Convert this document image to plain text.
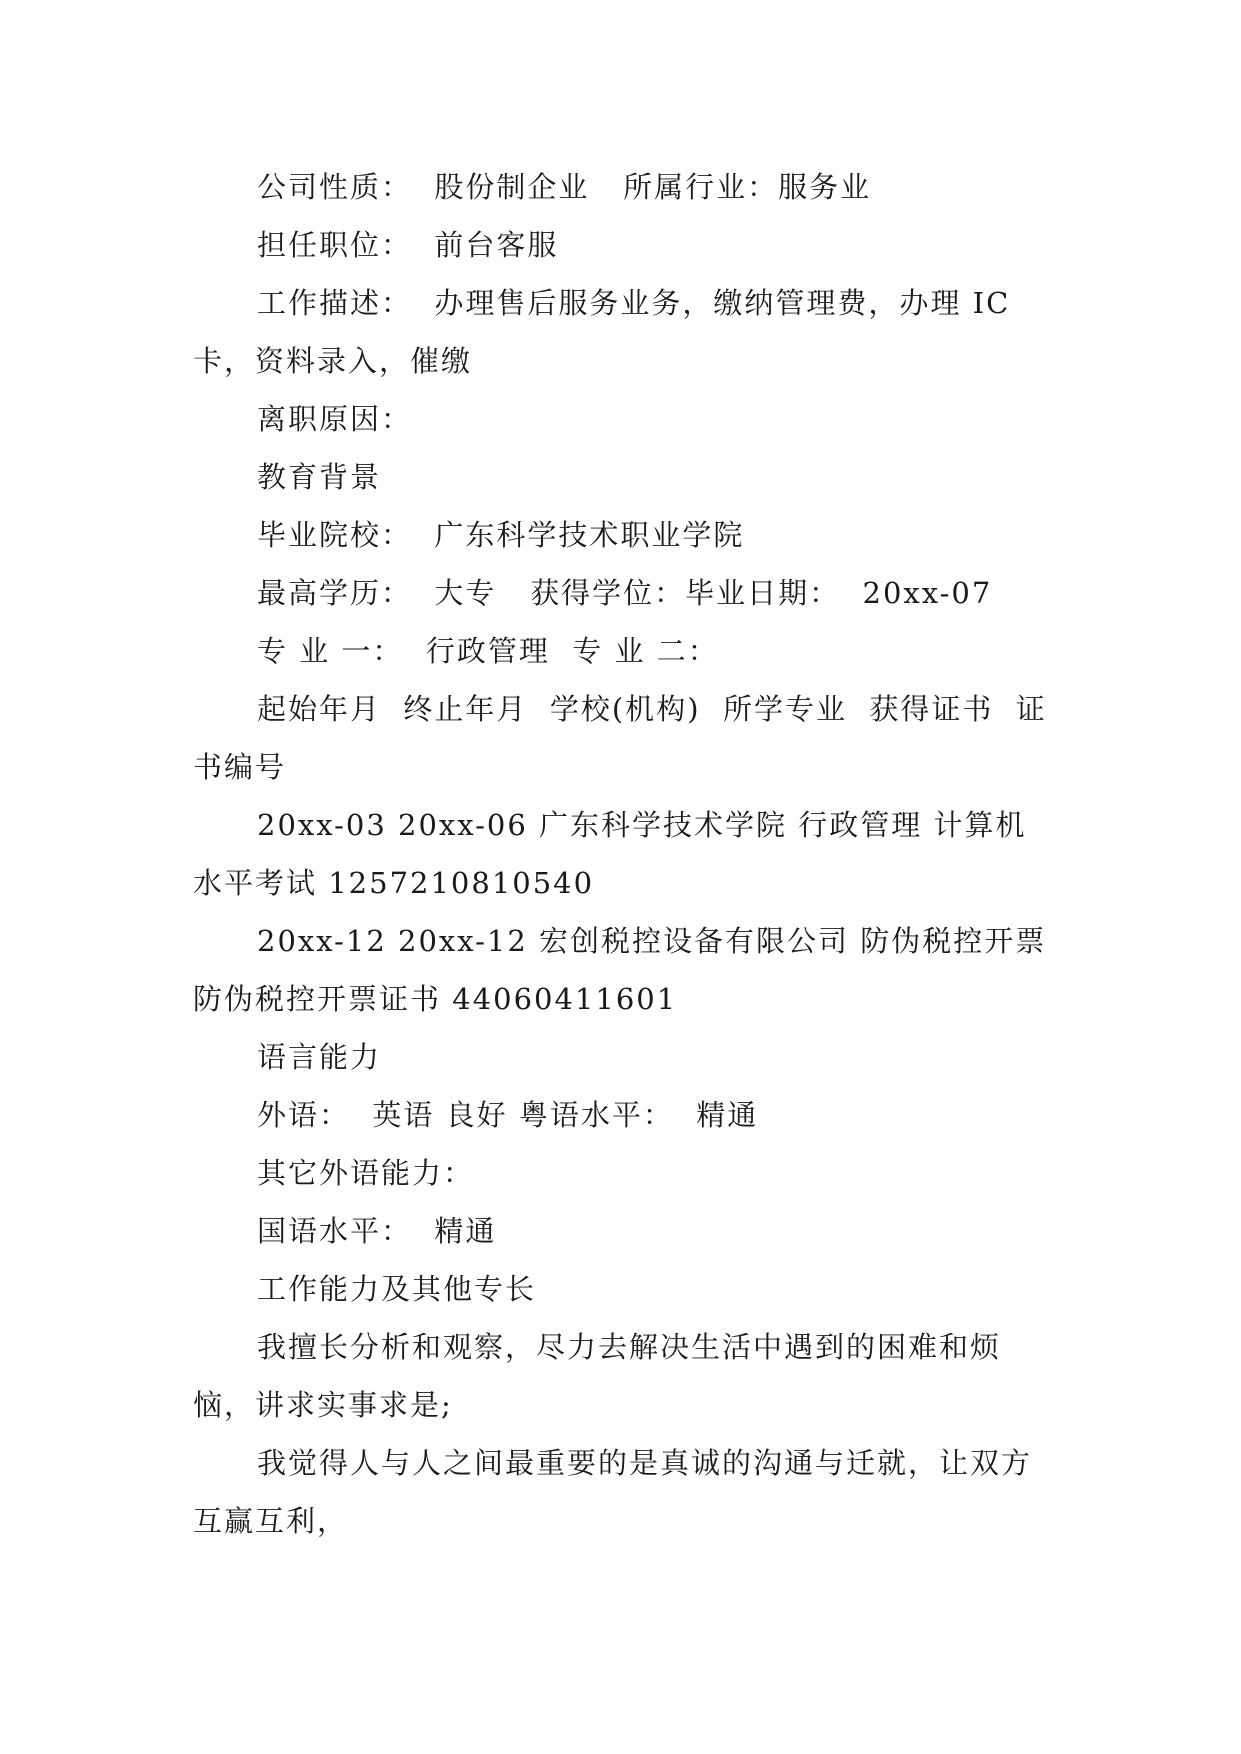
公司性质：  股份制企业   所属行业：服务业

担任职位：  前台客服

工作描述：  办理售后服务业务，缴纳管理费，办理 IC 卡，资料录入，催缴

离职原因：

教育背景

毕业院校：  广东科学技术职业学院

最高学历：  大专   获得学位：毕业日期：  20xx-07

专 业 一：  行政管理  专 业 二：

起始年月  终止年月  学校(机构)  所学专业  获得证书  证书编号

20xx-03 20xx-06 广东科学技术学院 行政管理 计算机水平考试 1257210810540

20xx-12 20xx-12 宏创税控设备有限公司 防伪税控开票 防伪税控开票证书 44060411601

语言能力

外语：  英语 良好 粤语水平：  精通

其它外语能力：

国语水平：  精通

工作能力及其他专长

我擅长分析和观察，尽力去解决生活中遇到的困难和烦恼，讲求实事求是;

我觉得人与人之间最重要的是真诚的沟通与迁就，让双方互赢互利，
